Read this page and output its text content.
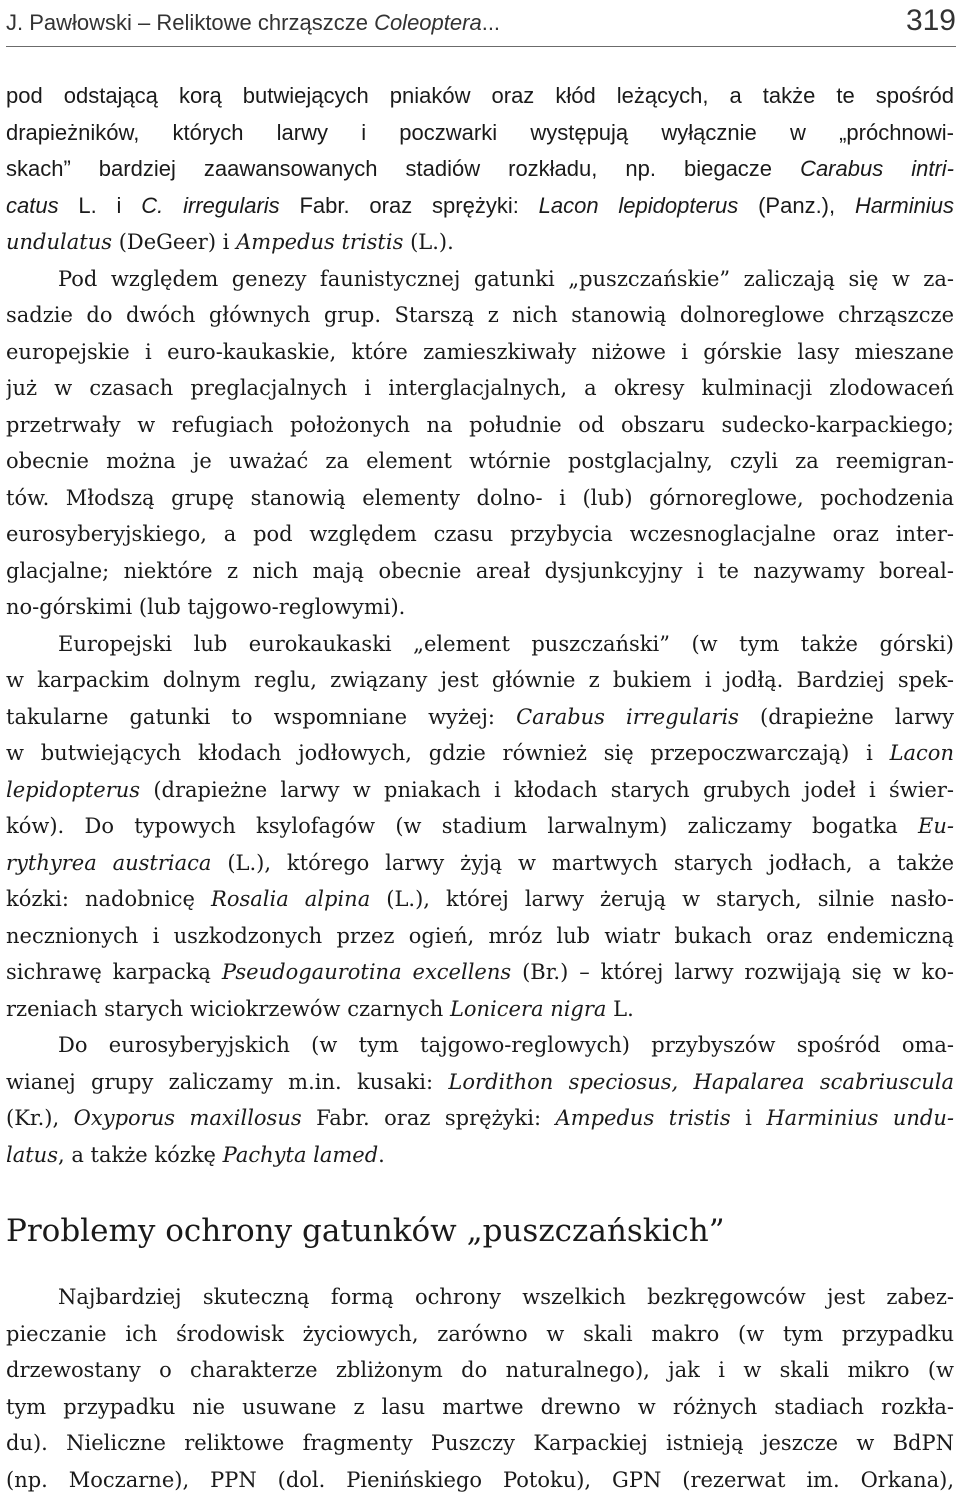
J. Pawłowski – Reliktowe chrząszcze Coleoptera...	319
pod odstającą korą butwiejących pniaków oraz kłód leżących, a także te spośród
drapieżników, których larwy i poczwarki występują wyłącznie w „próchnowi-
skach” bardziej zaawansowanych stadiów rozkładu, np. biegacze Carabus intri-
catus L. i C. irregularis Fabr. oraz sprężyki: Lacon lepidopterus (Panz.), Harminius
undulatus (DeGeer) i Ampedus tristis (L.).
Pod względem genezy faunistycznej gatunki „puszczańskie” zaliczają się w za-
sadzie do dwóch głównych grup. Starszą z nich stanowią dolnoreglowe chrząszcze
europejskie i euro-kaukaskie, które zamieszkiwały niżowe i górskie lasy mieszane
już w czasach preglacjalnych i interglacjalnych, a okresy kulminacji zlodowaceń
przetrwały w refugiach położonych na południe od obszaru sudecko-karpackiego;
obecnie można je uważać za element wtórnie postglacjalny, czyli za reemigran-
tów. Młodszą grupę stanowią elementy dolno- i (lub) górnoreglowe, pochodzenia
eurosyberyjskiego, a pod względem czasu przybycia wczesnoglacjalne oraz inter-
glacjalne; niektóre z nich mają obecnie areał dysjunkcyjny i te nazywamy boreal-
no-górskimi (lub tajgowo-reglowymi).
Europejski lub eurokaukaski „element puszczański” (w tym także górski)
w karpackim dolnym reglu, związany jest głównie z bukiem i jodłą. Bardziej spek-
takularne gatunki to wspomniane wyżej: Carabus irregularis (drapieżne larwy
w butwiejących kłodach jodłowych, gdzie również się przepoczwarczają) i Lacon
lepidopterus (drapieżne larwy w pniakach i kłodach starych grubych jodeł i świer-
ków). Do typowych ksylofagów (w stadium larwalnym) zaliczamy bogatka Eu-
rythyrea austriaca (L.), którego larwy żyją w martwych starych jodłach, a także
kózki: nadobnicę Rosalia alpina (L.), której larwy żerują w starych, silnie nasło-
necznionych i uszkodzonych przez ogień, mróz lub wiatr bukach oraz endemiczną
sichrawę karpacką Pseudogaurotina excellens (Br.) – której larwy rozwijają się w ko-
rzeniach starych wiciokrzewów czarnych Lonicera nigra L.
Do eurosyberyjskich (w tym tajgowo-reglowych) przybyszów spośród oma-
wianej grupy zaliczamy m.in. kusaki: Lordithon speciosus, Hapalarea scabriuscula
(Kr.), Oxyporus maxillosus Fabr. oraz sprężyki: Ampedus tristis i Harminius undu-
latus, a także kózkę Pachyta lamed.
Problemy ochrony gatunków „puszczańskich”
Najbardziej skuteczną formą ochrony wszelkich bezkręgowców jest zabez-
pieczanie ich środowisk życiowych, zarówno w skali makro (w tym przypadku
drzewostany o charakterze zbliżonym do naturalnego), jak i w skali mikro (w
tym przypadku nie usuwane z lasu martwe drewno w różnych stadiach rozkła-
du). Nieliczne reliktowe fragmenty Puszczy Karpackiej istnieją jeszcze w BdPN
(np. Moczarne), PPN (dol. Pienińskiego Potoku), GPN (rezerwat im. Orkana),
